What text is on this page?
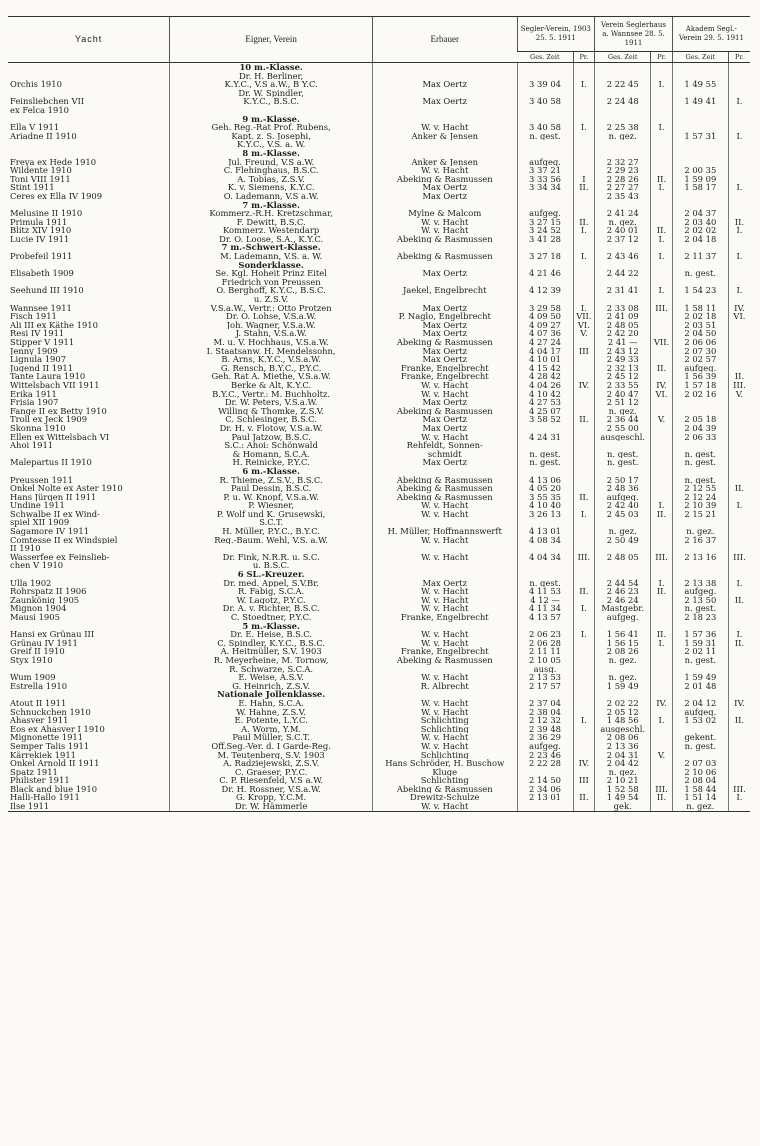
Yacht	Eigner, Verein	Erbauer	Segler-Verein, 1903 25. 5. 1911		Verein Seglerhaus a. Wannsee 28. 5. 1911		Akadem Segl.-Verein 29. 5. 1911	
			Ges. Zeit	Pr.	Ges. Zeit	Pr.	Ges. Zeit	Pr.
	10 m.-Klasse.							
	Dr. H. Berliner,							
Orchis 1910	K.Y.C., V.S a.W., B Y.C.	Max Oertz	3 39 04	I.	2 22 45	I.	1 49 55	
	Dr. W. Spindler,							
Feinsliebchen VII	K.Y.C., B.S.C.	Max Oertz	3 40 58		2 24 48		1 49 41	I.
ex Felca 1910								
	9 m.-Klasse.							
Ella V 1911	Geh. Reg.-Rat Prof. Rubens,	W. v. Hacht	3 40 58	I.	2 25 38	I.		
Ariadne II 1910	Kapt. z. S. Josephi,	Anker & Jensen	n. gest.		n. gez.		1 57 31	I.
	K.Y.C., V.S. a. W.							
	8 m.-Klasse.							
Freya ex Hede 1910	Jul. Freund, V.S a.W.	Anker & Jensen	aufgeg.		2 32 27			
Wildente 1910	C. Flehinghaus, B.S.C.	W. v. Hacht	3 37 21		2 29 23		2 00 35	
Toni VIII 1911	A. Tobias, Z.S.V.	Abeking & Rasmussen	3 33 56	I	2 28 26	II.	1 59 09	
Stint 1911	K. v. Siemens, K.Y.C.	Max Oertz	3 34 34	II.	2 27 27	I.	1 58 17	I.
Ceres ex Ella IV 1909	O. Lademann, V.S a.W.	Max Oertz			2 35 43			
	7 m.-Klasse.							
Melusine II 1910	Kommerz.-R.H. Kretzschmar,	Mylne & Malcom	aufgeg.		2 41 24		2 04 37	
Primula 1911	F. Dewitt, B.S.C.	W. v. Hacht	3 27 15	II.	n. gez.		2 03 40	II.
Blitz XIV 1910	Kommerz. Westendarp	W. v. Hacht	3 24 52	I.	2 40 01	II.	2 02 02	I.
Lucie IV 1911	Dr. O. Loose, S.A., K.Y.C.	Abeking & Rasmussen	3 41 28		2 37 12	I.	2 04 18	
	7 m.-Schwert-Klasse.							
Probefeil 1911	M. Lademann, V.S. a. W.	Abeking & Rasmussen	3 27 18	I.	2 43 46	I.	2 11 37	I.
	Sonderklasse.							
Elisabeth 1909	Se. Kgl. Hoheit Prinz Eitel	Max Oertz	4 21 46		2 44 22		n. gest.	
	Friedrich von Preussen							
Seehund III 1910	O. Berghoff, K.Y.C., B.S.C.	Jaekel, Engelbrecht	4 12 39		2 31 41	I.	1 54 23	I.
	u. Z.S.V.							
Wannsee 1911	V.S.a.W., Vertr.: Otto Protzen	Max Oertz	3 29 58	I.	2 33 08	III.	1 58 11	IV.
Fisch 1911	Dr. O. Lohse, V.S.a.W.	P. Naglo, Engelbrecht	4 09 50	VII.	2 41 09		2 02 18	VI.
Ali III ex Käthe 1910	Joh. Wagner, V.S.a.W.	Max Oertz	4 09 27	VI.	2 48 05		2 03 51	
Resi IV 1911	J. Stahn, V.S.a.W.	Max Oertz	4 07 36	V.	2 42 20		2 04 50	
Stipper V 1911	M. u. V. Hochhaus, V.S.a.W.	Abeking & Rasmussen	4 27 24		2 41 —	VII.	2 06 06	
Jenny 1909	I. Staatsanw. H. Mendelssohn,	Max Oertz	4 04 17	III	2 43 12		2 07 30	
Lignula 1907	B. Arns, K.Y.C., V.S.a.W.	Max Oertz	4 10 01		2 49 33		2 02 57	
Jugend II 1911	G. Rensch, B.Y.C., P.Y.C.	Franke, Engelbrecht	4 15 42		2 32 13	II.	aufgeg.	
Tante Laura 1910	Geh. Rat A. Miethe, V.S.a.W.	Franke, Engelbrecht	4 28 42		2 45 12		1 56 39	II.
Wittelsbach VII 1911	Berke & Alt, K.Y.C.	W. v. Hacht	4 04 26	IV.	2 33 55	IV.	1 57 18	III.
Erika 1911	B.Y.C., Vertr.: M. Buchholtz.	W. v. Hacht	4 10 42		2 40 47	VI.	2 02 16	V.
Frisia 1907	Dr. W. Peters, V.S.a.W.	Max Oertz	4 27 53		2 51 12			
Fange II ex Betty 1910	Willing & Thomke, Z.S.V.	Abeking & Rasmussen	4 25 07		n. gez.			
Troll ex Jeck 1909	C. Schlesinger, B.S.C.	Max Oertz	3 58 52	II.	2 36 44	V.	2 05 18	
Skonna 1910	Dr. H. v. Flotow, V.S.a.W.	Max Oertz			2 55 00		2 04 39	
Ellen ex Wittelsbach VI	Paul Jatzow, B.S.C.	W. v. Hacht	4 24 31		ausgeschl.		2 06 33	
Ahoi 1911	S.C.: Ahoi: Schönwald	Rehfeldt, Sonnen-						
	& Homann, S.C.A.	schmidt	n. gest.		n. gest.		n. gest.	
Malepartus II 1910	H. Reinicke, P.Y.C.	Max Oertz	n. gest.		n. gest.		n. gest.	
	6 m.-Klasse.							
Preussen 1911	R. Thieme, Z.S.V., B.S.C.	Abeking & Rasmussen	4 13 06		2 50 17		n. gest.	
Onkel Nolte ex Aster 1910	Paul Dessin, B.S.C.	Abeking & Rasmussen	4 05 20		2 48 36		2 12 55	II.
Hans Jürgen II 1911	P. u. W. Knopf, V.S.a.W.	Abeking & Rasmussen	3 55 35	II.	aufgeg.		2 12 24	
Undine 1911	P. Wiesner,	W. v. Hacht	4 10 40		2 42 40	I.	2 10 39	I.
Schwalbe II ex Wind-	P. Wolf und K. Grusewski,	W. v. Hacht	3 26 13	I.	2 45 03	II.	2 15 21	
spiel XII 1909	S.C.T.							
Sagamore IV 1911	H. Müller, P.Y.C., B.Y.C.	H. Müller, Hoffmannswerft	4 13 01		n. gez.		n. gez.	
Comtesse II ex Windspiel	Reg.-Baum. Wehl, V.S. a.W.	W. v. Hacht	4 08 34		2 50 49		2 16 37	
II 1910								
Wasserfee ex Feinslieb-	Dr. Fink, N.R.R. u. S.C.	W. v. Hacht	4 04 34	III.	2 48 05	III.	2 13 16	III.
chen V 1910	u. B.S.C.							
	6 SL.-Kreuzer.							
Ulla 1902	Dr. med. Appel, S.V.Br.	Max Oertz	n. gest.		2 44 54	I.	2 13 38	I.
Rohrspatz II 1906	R. Fabig, S.C.A.	W. v. Hacht	4 11 53	II.	2 46 23	II.	aufgeg.	
Zaunkönig 1905	W. Lagotz, P.Y.C.	W. v. Hacht	4 12 —		2 46 24		2 13 50	II.
Mignon 1904	Dr. A. v. Richter, B.S.C.	W. v. Hacht	4 11 34	I.	Mastgebr.		n. gest.	
Mausi 1905	C. Stoedtner, P.Y.C.	Franke, Engelbrecht	4 13 57		aufgeg.		2 18 23	
	5 m.-Klasse.							
Hansi ex Grünau III	Dr. E. Heise, B.S.C.	W. v. Hacht	2 06 23	I.	1 56 41	II.	1 57 36	I.
Grünau IV 1911	C. Spindler, K.Y.C., B.S.C.	W. v. Hacht	2 06 28		1 56 15	I.	1 59 31	II.
Greif II 1910	A. Heitmüller, S.V. 1903	Franke, Engelbrecht	2 11 11		2 08 26		2 02 11	
Styx 1910	R. Meyerheine, M. Tornow,	Abeking & Rasmussen	2 10 05		n. gez.		n. gest.	
	R. Schwarze, S.C.A.		ausg.					
Wum 1909	E. Weise, A.S.V.	W. v. Hacht	2 13 53		n. gez.		1 59 49	
Estrella 1910	G. Heinrich, Z.S.V.	R. Albrecht	2 17 57		1 59 49		2 01 48	
	Nationale Jollenklasse.							
Atout II 1911	E. Hahn, S.C.A.	W. v. Hacht	2 37 04		2 02 22	IV.	2 04 12	IV.
Schnuckchen 1910	W. Hahne, Z.S.V.	W. v. Hacht	2 38 04		2 05 12		aufgeg.	
Ahasver 1911	E. Potente, L.Y.C.	Schlichting	2 12 32	I.	1 48 56	I.	1 53 02	II.
Eos ex Ahasver I 1910	A. Worm, Y.M.	Schlichting	2 39 48		ausgeschl.			
Mignonette 1911	Paul Müller, S.C.T.	W. v. Hacht	2 36 29		2 08 06		gekent.	
Semper Talis 1911	Off.Seg.-Ver. d. I Garde-Reg.	W. v. Hacht	aufgeg.		2 13 36		n. gest.	
Kärrekiek 1911	M. Teutenberg, S.V. 1903	Schlichting	2 23 46		2 04 31	V.		
Onkel Arnold II 1911	A. Radziejewski, Z.S.V.	Hans Schröder, H. Buschow	2 22 28	IV.	2 04 42		2 07 03	
Spatz 1911	C. Graeser, P.Y.C.	Kluge			n. gez.		2 10 06	
Philister 1911	C. P. Riesenfeld, V.S a.W.	Schlichting	2 14 50	III	2 10 21		2 08 04	
Black and blue 1910	Dr. H. Rossner, V.S.a.W.	Abeking & Rasmussen	2 34 06		1 52 58	III.	1 58 44	III.
Halli-Hallo 1911	G. Kropp, Y.C.M.	Drewitz-Schulze	2 13 01	II.	1 49 54	II.	1 51 14	I.
Ilse 1911	Dr. W. Hämmerle	W. v. Hacht			gek.		n. gez.	
